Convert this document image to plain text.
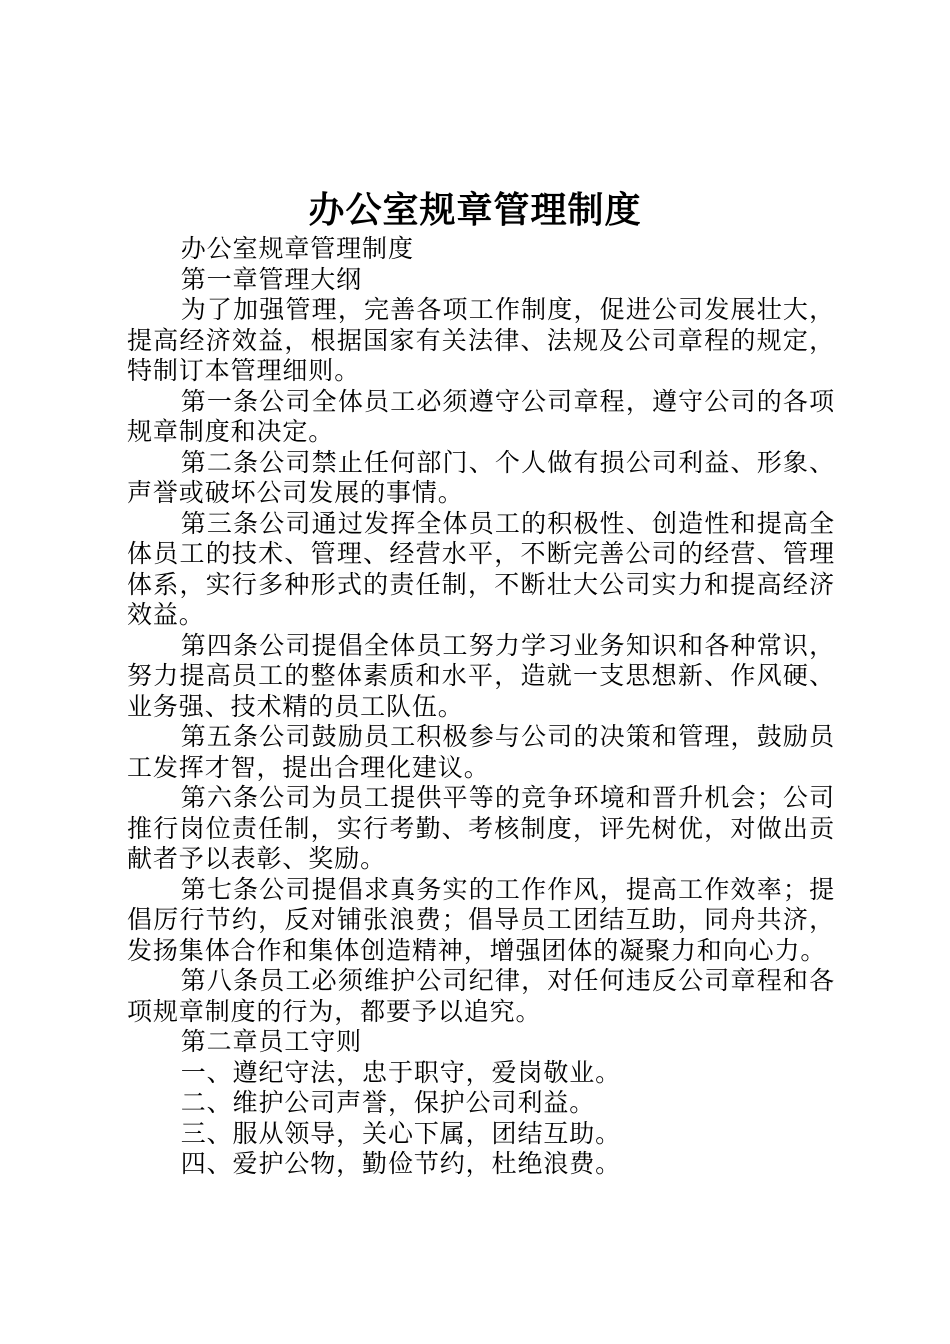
办公室规章管理制度

办公室规章管理制度

第一章管理大纲

为了加强管理，完善各项工作制度，促进公司发展壮大，提高经济效益，根据国家有关法律、法规及公司章程的规定，特制订本管理细则。

第一条公司全体员工必须遵守公司章程，遵守公司的各项规章制度和决定。

第二条公司禁止任何部门、个人做有损公司利益、形象、声誉或破坏公司发展的事情。

第三条公司通过发挥全体员工的积极性、创造性和提高全体员工的技术、管理、经营水平，不断完善公司的经营、管理体系，实行多种形式的责任制，不断壮大公司实力和提高经济效益。

第四条公司提倡全体员工努力学习业务知识和各种常识，努力提高员工的整体素质和水平，造就一支思想新、作风硬、业务强、技术精的员工队伍。

第五条公司鼓励员工积极参与公司的决策和管理，鼓励员工发挥才智，提出合理化建议。

第六条公司为员工提供平等的竞争环境和晋升机会；公司推行岗位责任制，实行考勤、考核制度，评先树优，对做出贡献者予以表彰、奖励。

第七条公司提倡求真务实的工作作风，提高工作效率；提倡厉行节约，反对铺张浪费；倡导员工团结互助，同舟共济，发扬集体合作和集体创造精神，增强团体的凝聚力和向心力。

第八条员工必须维护公司纪律，对任何违反公司章程和各项规章制度的行为，都要予以追究。

第二章员工守则

一、遵纪守法，忠于职守，爱岗敬业。

二、维护公司声誉，保护公司利益。

三、服从领导，关心下属，团结互助。

四、爱护公物，勤俭节约，杜绝浪费。
